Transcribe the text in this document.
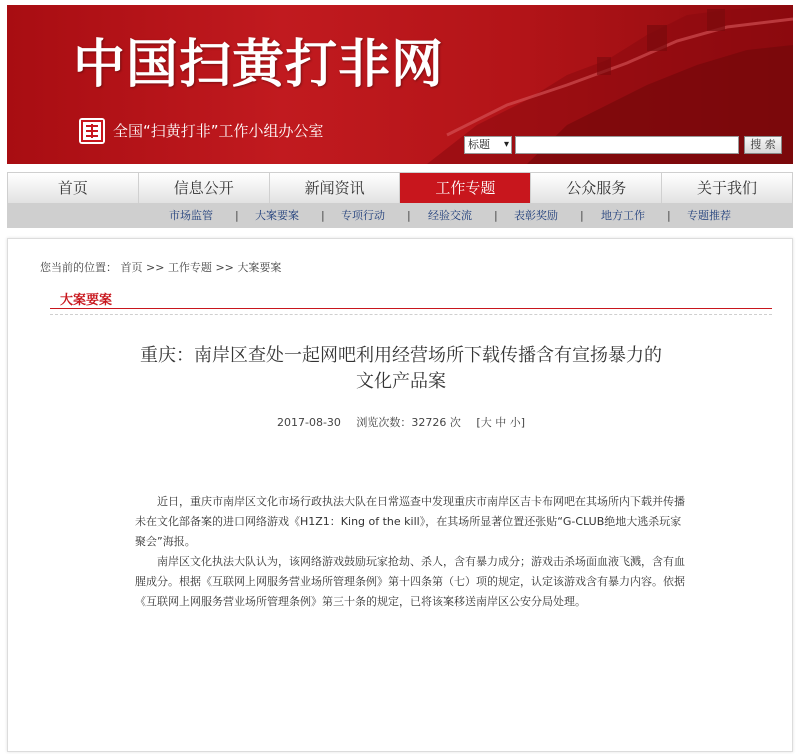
中国扫黄打非网
全国“扫黄打非”工作小组办公室
标题 ▾	搜 索
首页	信息公开	新闻资讯	工作专题	公众服务	关于我们
市场监管 | 大案要案 | 专项行动 | 经验交流 | 表彰奖励 | 地方工作 | 专题推荐
您当前的位置： 首页 >> 工作专题 >> 大案要案
大案要案
重庆：南岸区查处一起网吧利用经营场所下载传播含有宣扬暴力的文化产品案
2017-08-30 浏览次数：32726 次 [大 中 小]

近日，重庆市南岸区文化市场行政执法大队在日常巡查中发现重庆市南岸区吉卡布网吧在其场所内下载并传播未在文化部备案的进口网络游戏《H1Z1：King of the kill》，在其场所显著位置还张贴“G-CLUB绝地大逃杀玩家聚会”海报。

南岸区文化执法大队认为，该网络游戏鼓励玩家抢劫、杀人，含有暴力成分；游戏击杀场面血液飞溅，含有血腥成分。根据《互联网上网服务营业场所管理条例》第十四条第（七）项的规定，认定该游戏含有暴力内容。依据《互联网上网服务营业场所管理条例》第三十条的规定，已将该案移送南岸区公安分局处理。
